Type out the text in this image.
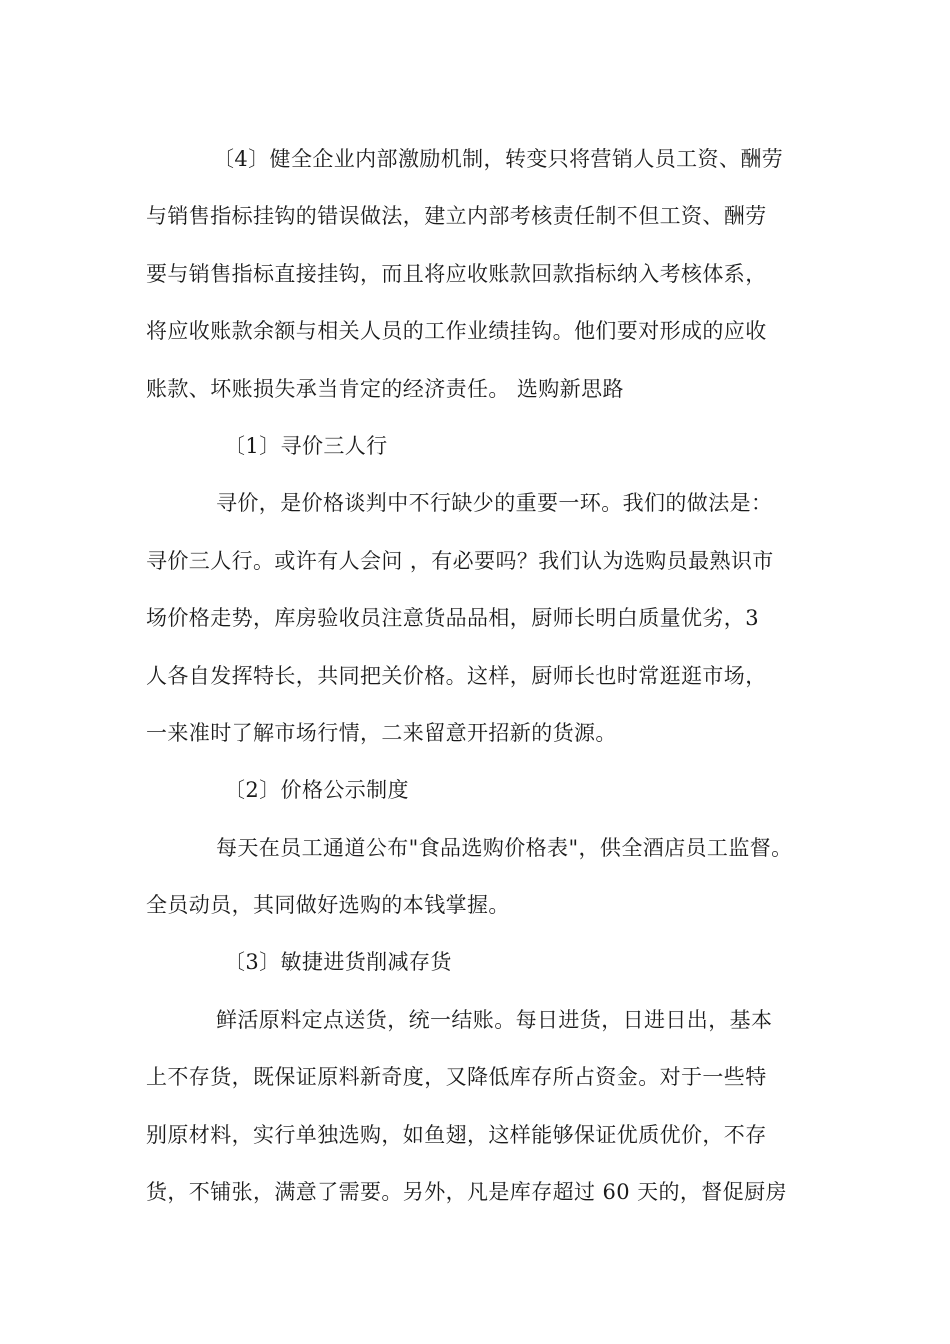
〔4〕健全企业内部激励机制，转变只将营销人员工资、酬劳
与销售指标挂钩的错误做法，建立内部考核责任制不但工资、酬劳
要与销售指标直接挂钩，而且将应收账款回款指标纳入考核体系，
将应收账款余额与相关人员的工作业绩挂钩。他们要对形成的应收
账款、坏账损失承当肯定的经济责任。 选购新思路
〔1〕寻价三人行
寻价，是价格谈判中不行缺少的重要一环。我们的做法是：
寻价三人行。或许有人会问 ，有必要吗？我们认为选购员最熟识市
场价格走势，库房验收员注意货品品相，厨师长明白质量优劣，3
人各自发挥特长，共同把关价格。这样，厨师长也时常逛逛市场，
一来准时了解市场行情，二来留意开招新的货源。
〔2〕价格公示制度
每天在员工通道公布"食品选购价格表"，供全酒店员工监督。
全员动员，其同做好选购的本钱掌握。
〔3〕敏捷进货削减存货
鲜活原料定点送货，统一结账。每日进货，日进日出，基本
上不存货，既保证原料新奇度，又降低库存所占资金。对于一些特
别原材料，实行单独选购，如鱼翅，这样能够保证优质优价，不存
货，不铺张，满意了需要。另外，凡是库存超过 60 天的，督促厨房
